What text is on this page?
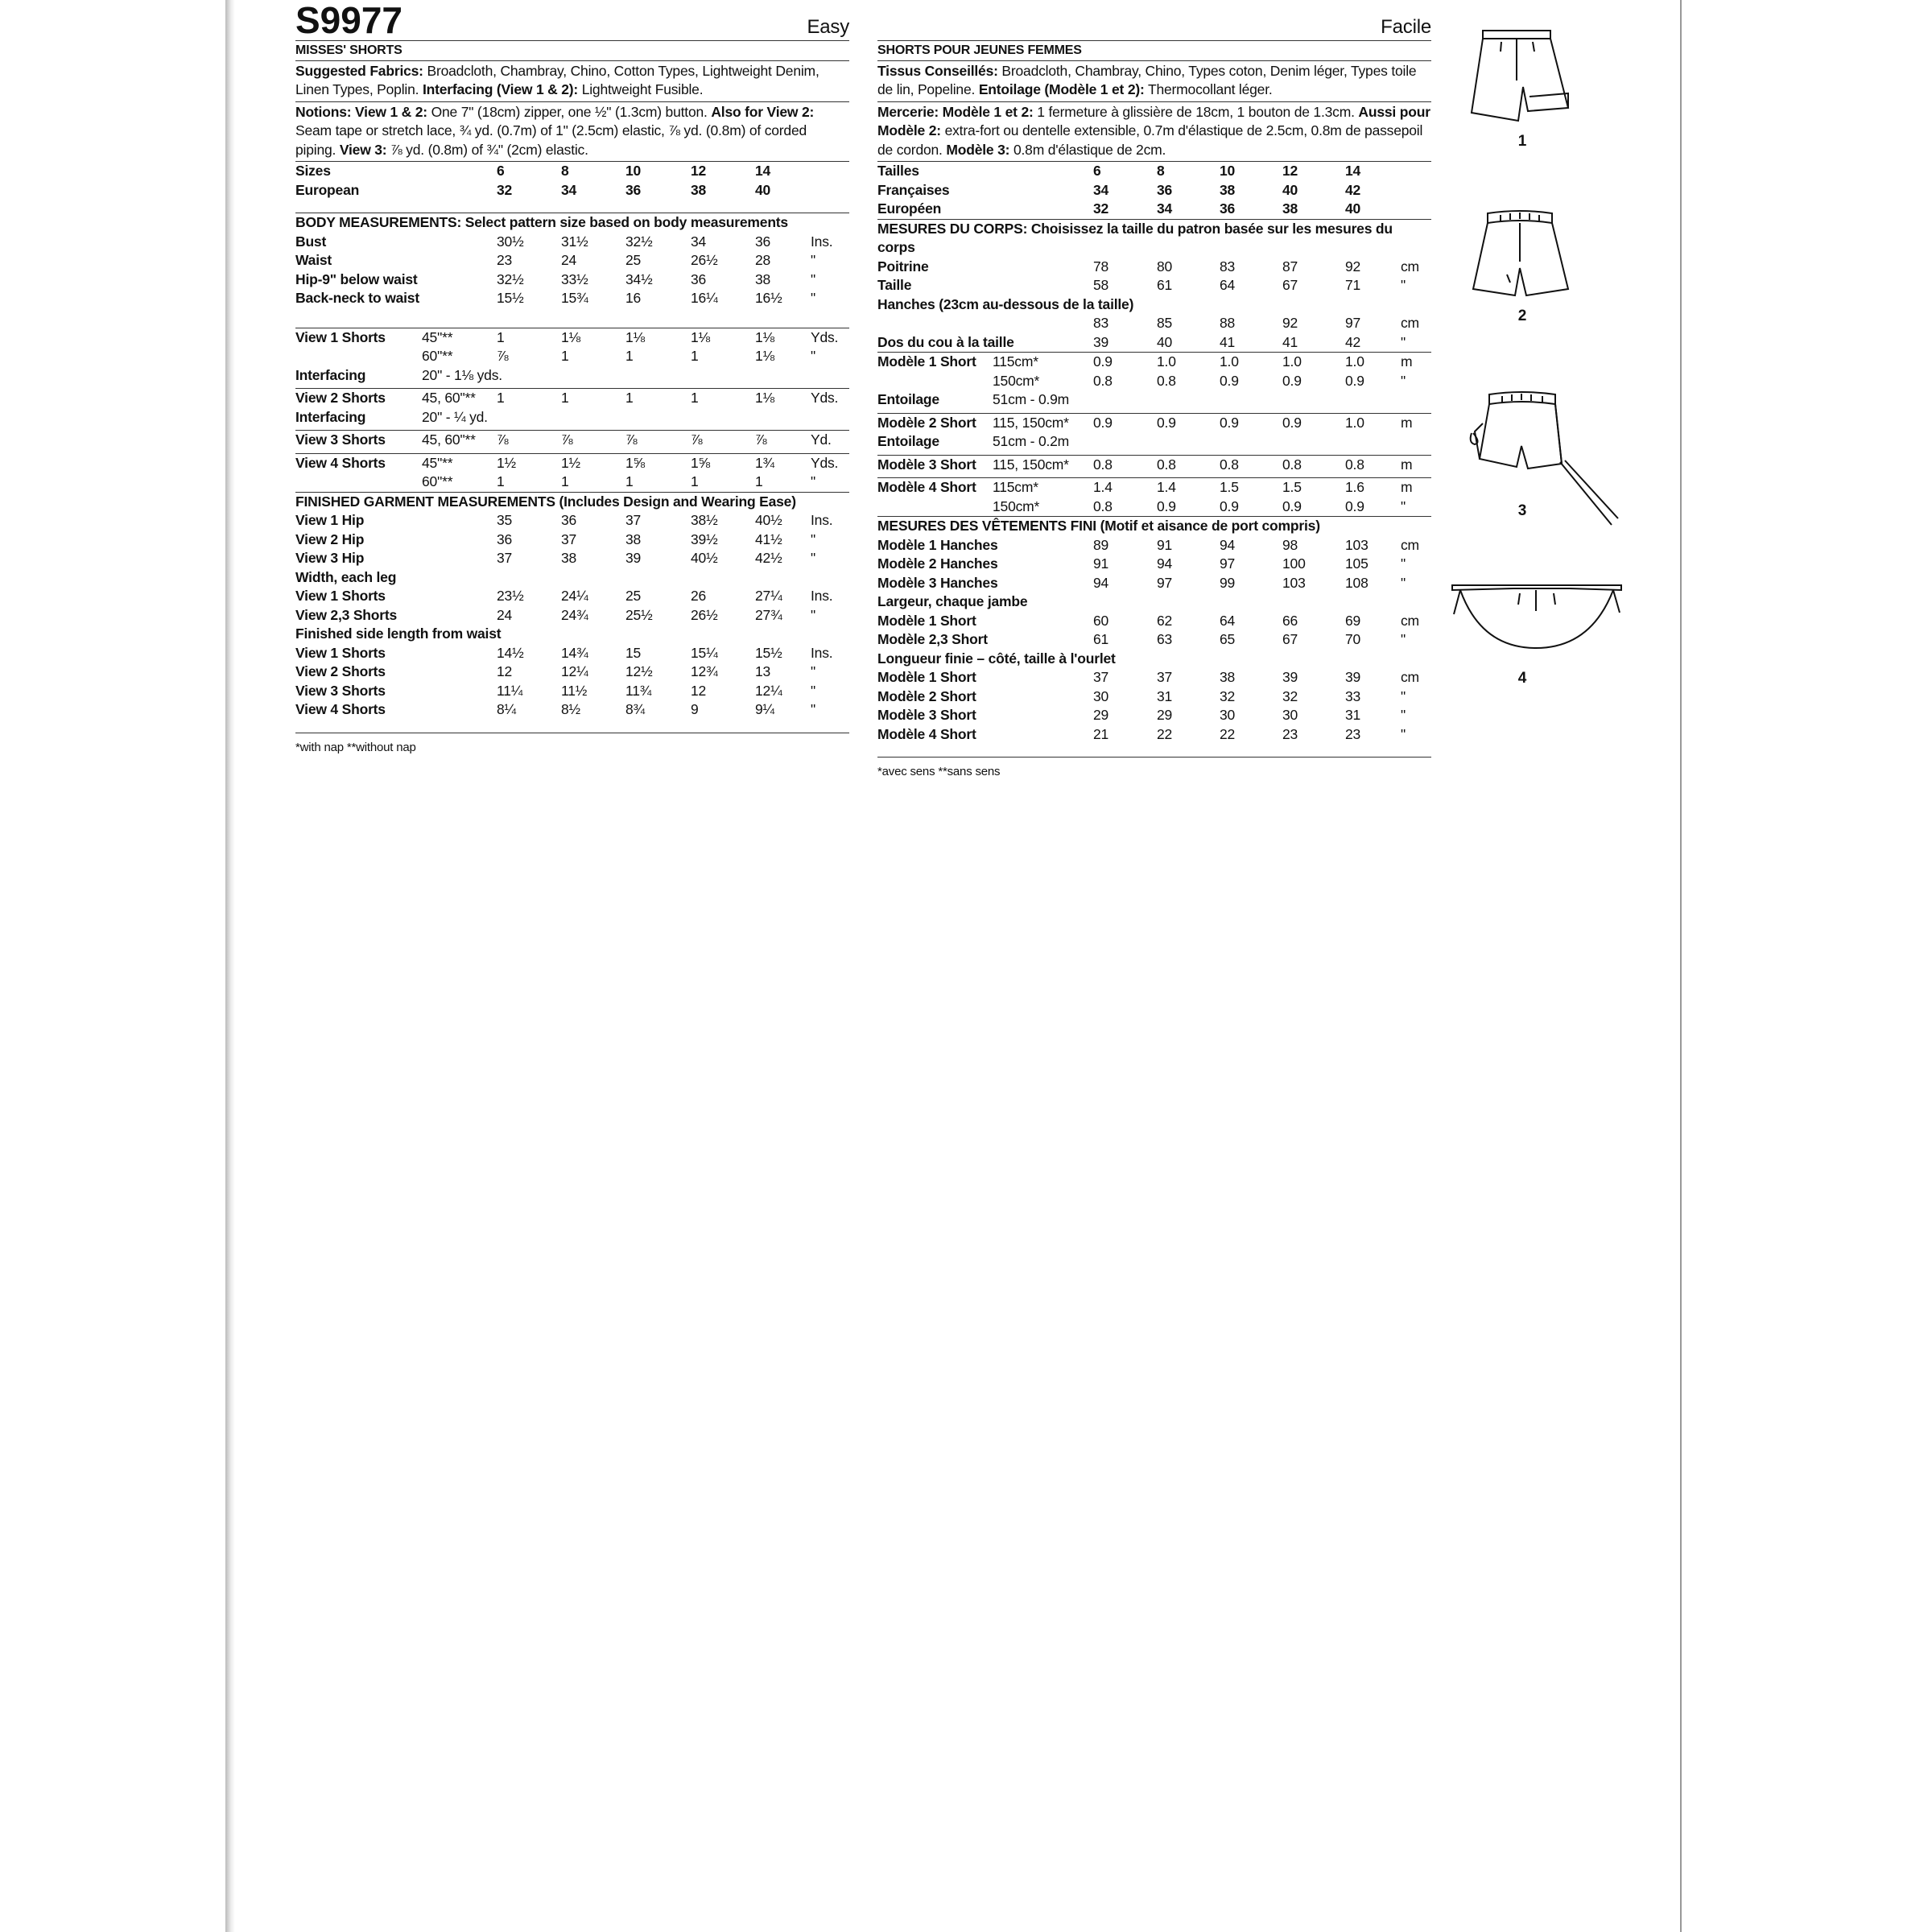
S9977	Easy
MISSES' SHORTS
Suggested Fabrics: Broadcloth, Chambray, Chino, Cotton Types, Lightweight Denim, Linen Types, Poplin. Interfacing (View 1 & 2): Lightweight Fusible.
Notions: View 1 & 2: One 7" (18cm) zipper, one ½" (1.3cm) button. Also for View 2: Seam tape or stretch lace, ¾ yd. (0.7m) of 1" (2.5cm) elastic, ⅞ yd. (0.8m) of corded piping. View 3: ⅞ yd. (0.8m) of ¾" (2cm) elastic.
Sizes	6	8	10	12	14
European	32	34	36	38	40
BODY MEASUREMENTS: Select pattern size based on body measurements
Bust	30½	31½	32½	34	36	Ins.
Waist	23	24	25	26½	28	"
Hip-9" below waist	32½	33½	34½	36	38	"
Back-neck to waist	15½	15¾	16	16¼	16½ "
View 1 Shorts	45"**	1	1⅛	1⅛	1⅛	1⅛	Yds.
60"**	⅞	1	1	1	1⅛	"
Interfacing	20" - 1⅛ yds.
View 2 Shorts	45, 60"** 1	1	1	1	1⅛	Yds.
Interfacing	20" - ¼ yd.
View 3 Shorts	45, 60"** ⅞	⅞	⅞	⅞	⅞	Yd.
View 4 Shorts	45"**	1½	1½	1⅝	1⅝	1¾	Yds.
60"**	1	1	1	1	1	"
FINISHED GARMENT MEASUREMENTS (Includes Design and Wearing Ease)
View 1 Hip	35	36	37	38½	40½ Ins.
View 2 Hip	36	37	38	39½	41½ "
View 3 Hip	37	38	39	40½	42½ "
Width, each leg
View 1 Shorts	23½	24¼	25	26	27¼ Ins.
View 2,3 Shorts	24	24¾	25½	26½	27¾ "
Finished side length from waist
View 1 Shorts	14½	14¾	15	15¼	15½ Ins.
View 2 Shorts	12	12¼	12½	12¾	13	"
View 3 Shorts	11¼	11½	11¾	12	12¼ "
View 4 Shorts	8¼	8½	8¾	9	9¼	"
*with nap **without nap
Facile
SHORTS POUR JEUNES FEMMES
Tissus Conseillés: Broadcloth, Chambray, Chino, Types coton, Denim léger, Types toile de lin, Popeline. Entoilage (Modèle 1 et 2): Thermocollant léger.
Mercerie: Modèle 1 et 2: 1 fermeture à glissière de 18cm, 1 bouton de 1.3cm. Aussi pour Modèle 2: extra-fort ou dentelle extensible, 0.7m d'élastique de 2.5cm, 0.8m de passepoil de cordon. Modèle 3: 0.8m d'élastique de 2cm.
Tailles	6	8	10	12	14
Françaises	34	36	38	40	42
Européen	32	34	36	38	40
MESURES DU CORPS: Choisissez la taille du patron basée sur les mesures du corps
Poitrine	78	80	83	87	92	cm
Taille	58	61	64	67	71	"
Hanches (23cm au-dessous de la taille)
83	85	88	92	97	cm
Dos du cou à la taille	39	40	41	41	42	"
Modèle 1 Short 115cm*	0.9	1.0	1.0	1.0	1.0	m
150cm*	0.8	0.8	0.9	0.9	0.9	"
Entoilage	51cm - 0.9m
Modèle 2 Short 115, 150cm* 0.9	0.9	0.9	0.9	1.0	m
Entoilage	51cm - 0.2m
Modèle 3 Short 115, 150cm* 0.8	0.8	0.8	0.8	0.8	m
Modèle 4 Short 115cm*	1.4	1.4	1.5	1.5	1.6	m
150cm*	0.8	0.9	0.9	0.9	0.9	"
MESURES DES VÊTEMENTS FINI (Motif et aisance de port compris)
Modèle 1 Hanches	89	91	94	98	103 cm
Modèle 2 Hanches	91	94	97	100	105 "
Modèle 3 Hanches	94	97	99	103	108 "
Largeur, chaque jambe
Modèle 1 Short	60	62	64	66	69	cm
Modèle 2,3 Short	61	63	65	67	70	"
Longueur finie – côté, taille à l'ourlet
Modèle 1 Short	37	37	38	39	39	cm
Modèle 2 Short	30	31	32	32	33	"
Modèle 3 Short	29	29	30	30	31	"
Modèle 4 Short	21	22	22	23	23	"
*avec sens **sans sens
1
2
3
4
